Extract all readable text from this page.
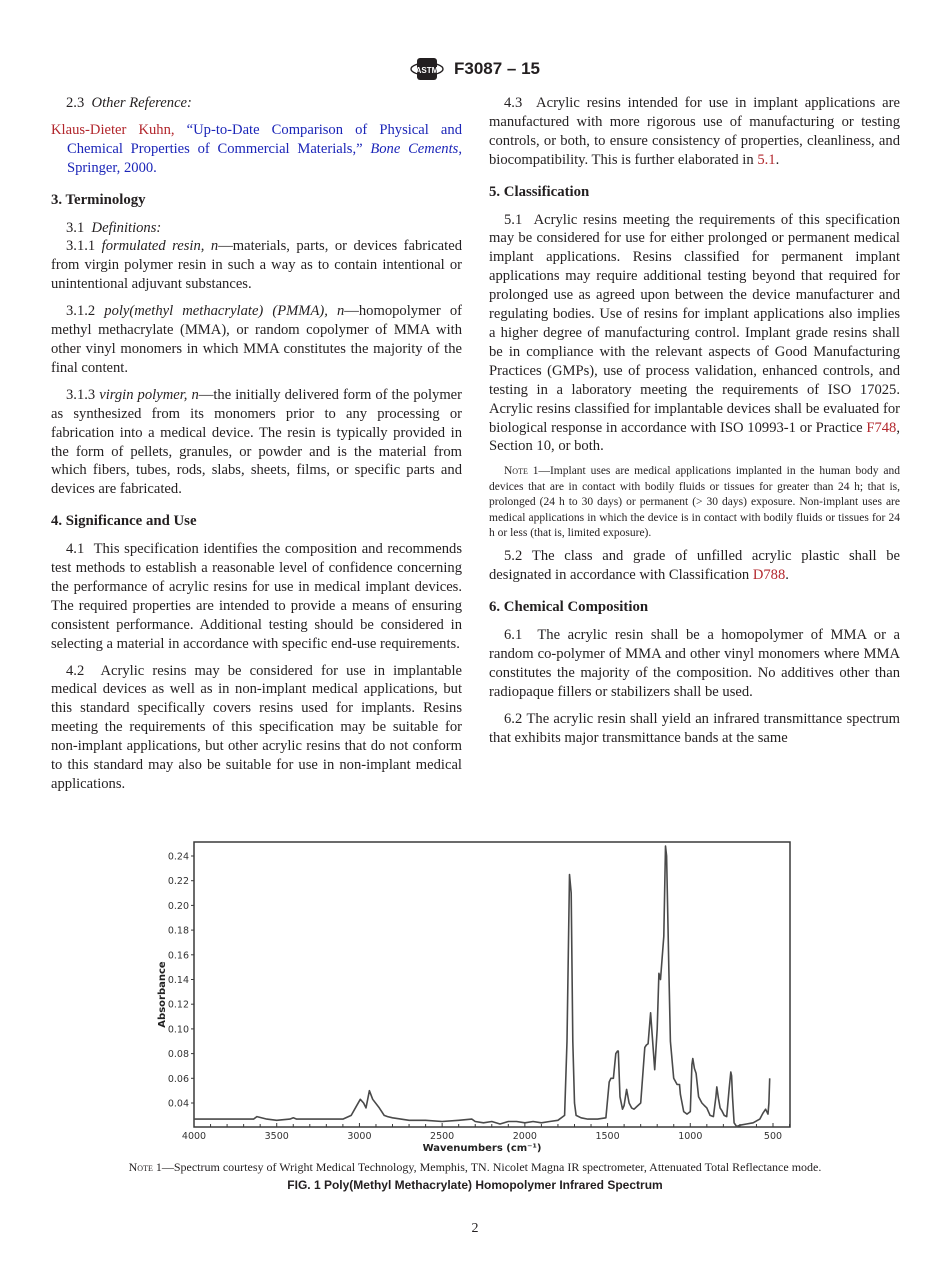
ASTM F3087 – 15

2.3 Other Reference:

Klaus-Dieter Kuhn, “Up-to-Date Comparison of Physical and Chemical Properties of Commercial Materials,” Bone Cements, Springer, 2000.

3. Terminology

3.1 Definitions:

3.1.1 formulated resin, n—materials, parts, or devices fabricated from virgin polymer resin in such a way as to contain intentional or unintentional adjuvant substances.

3.1.2 poly(methyl methacrylate) (PMMA), n—homopolymer of methyl methacrylate (MMA), or random copolymer of MMA with other vinyl monomers in which MMA constitutes the majority of the final content.

3.1.3 virgin polymer, n—the initially delivered form of the polymer as synthesized from its monomers prior to any processing or fabrication into a medical device. The resin is typically provided in the form of pellets, granules, or powder and is the material from which fibers, tubes, rods, slabs, sheets, films, or specific parts and devices are fabricated.

4. Significance and Use

4.1 This specification identifies the composition and recommends test methods to establish a reasonable level of confidence concerning the performance of acrylic resins for use in medical implant devices. The required properties are intended to provide a means of ensuring consistent performance. Additional testing should be considered in selecting a material in accordance with specific end-use requirements.

4.2 Acrylic resins may be considered for use in implantable medical devices as well as in non-implant medical applications, but this standard specifically covers resins used for implants. Resins meeting the requirements of this specification may be suitable for non-implant applications, but other acrylic resins that do not conform to this standard may also be suitable for use in non-implant medical applications.

4.3 Acrylic resins intended for use in implant applications are manufactured with more rigorous use of manufacturing or testing controls, or both, to ensure consistency of properties, cleanliness, and biocompatibility. This is further elaborated in 5.1.

5. Classification

5.1 Acrylic resins meeting the requirements of this specification may be considered for use for either prolonged or permanent medical implant applications. Resins classified for permanent implant applications may require additional testing beyond that required for prolonged use as agreed upon between the device manufacturer and regulating bodies. Use of resins for implant applications also implies a higher degree of manufacturing control. Implant grade resins shall be in compliance with the relevant aspects of Good Manufacturing Practices (GMPs), use of process validation, enhanced controls, and testing in a laboratory meeting the requirements of ISO 17025. Acrylic resins classified for implantable devices shall be evaluated for biological response in accordance with ISO 10993-1 or Practice F748, Section 10, or both.

Note 1—Implant uses are medical applications implanted in the human body and devices that are in contact with bodily fluids or tissues for greater than 24 h; that is, prolonged (24 h to 30 days) or permanent (> 30 days) exposure. Non-implant uses are medical applications in which the device is in contact with bodily fluids or tissues for 24 h or less (that is, limited exposure).

5.2 The class and grade of unfilled acrylic plastic shall be designated in accordance with Classification D788.

6. Chemical Composition

6.1 The acrylic resin shall be a homopolymer of MMA or a random co-polymer of MMA and other vinyl monomers where MMA constitutes the majority of the composition. No additives other than radiopaque fillers or stabilizers shall be used.

6.2 The acrylic resin shall yield an infrared transmittance spectrum that exhibits major transmittance bands at the same

0.04
0.06
0.08
0.10
0.12
0.14
0.16
0.18
0.20
0.22
0.24
4000	3500	3000	2500	2000	1500	1000	500
Wavenumbers (cm⁻¹)
Absorbance
Note 1—Spectrum courtesy of Wright Medical Technology, Memphis, TN. Nicolet Magna IR spectrometer, Attenuated Total Reflectance mode.
FIG. 1 Poly(Methyl Methacrylate) Homopolymer Infrared Spectrum
2
